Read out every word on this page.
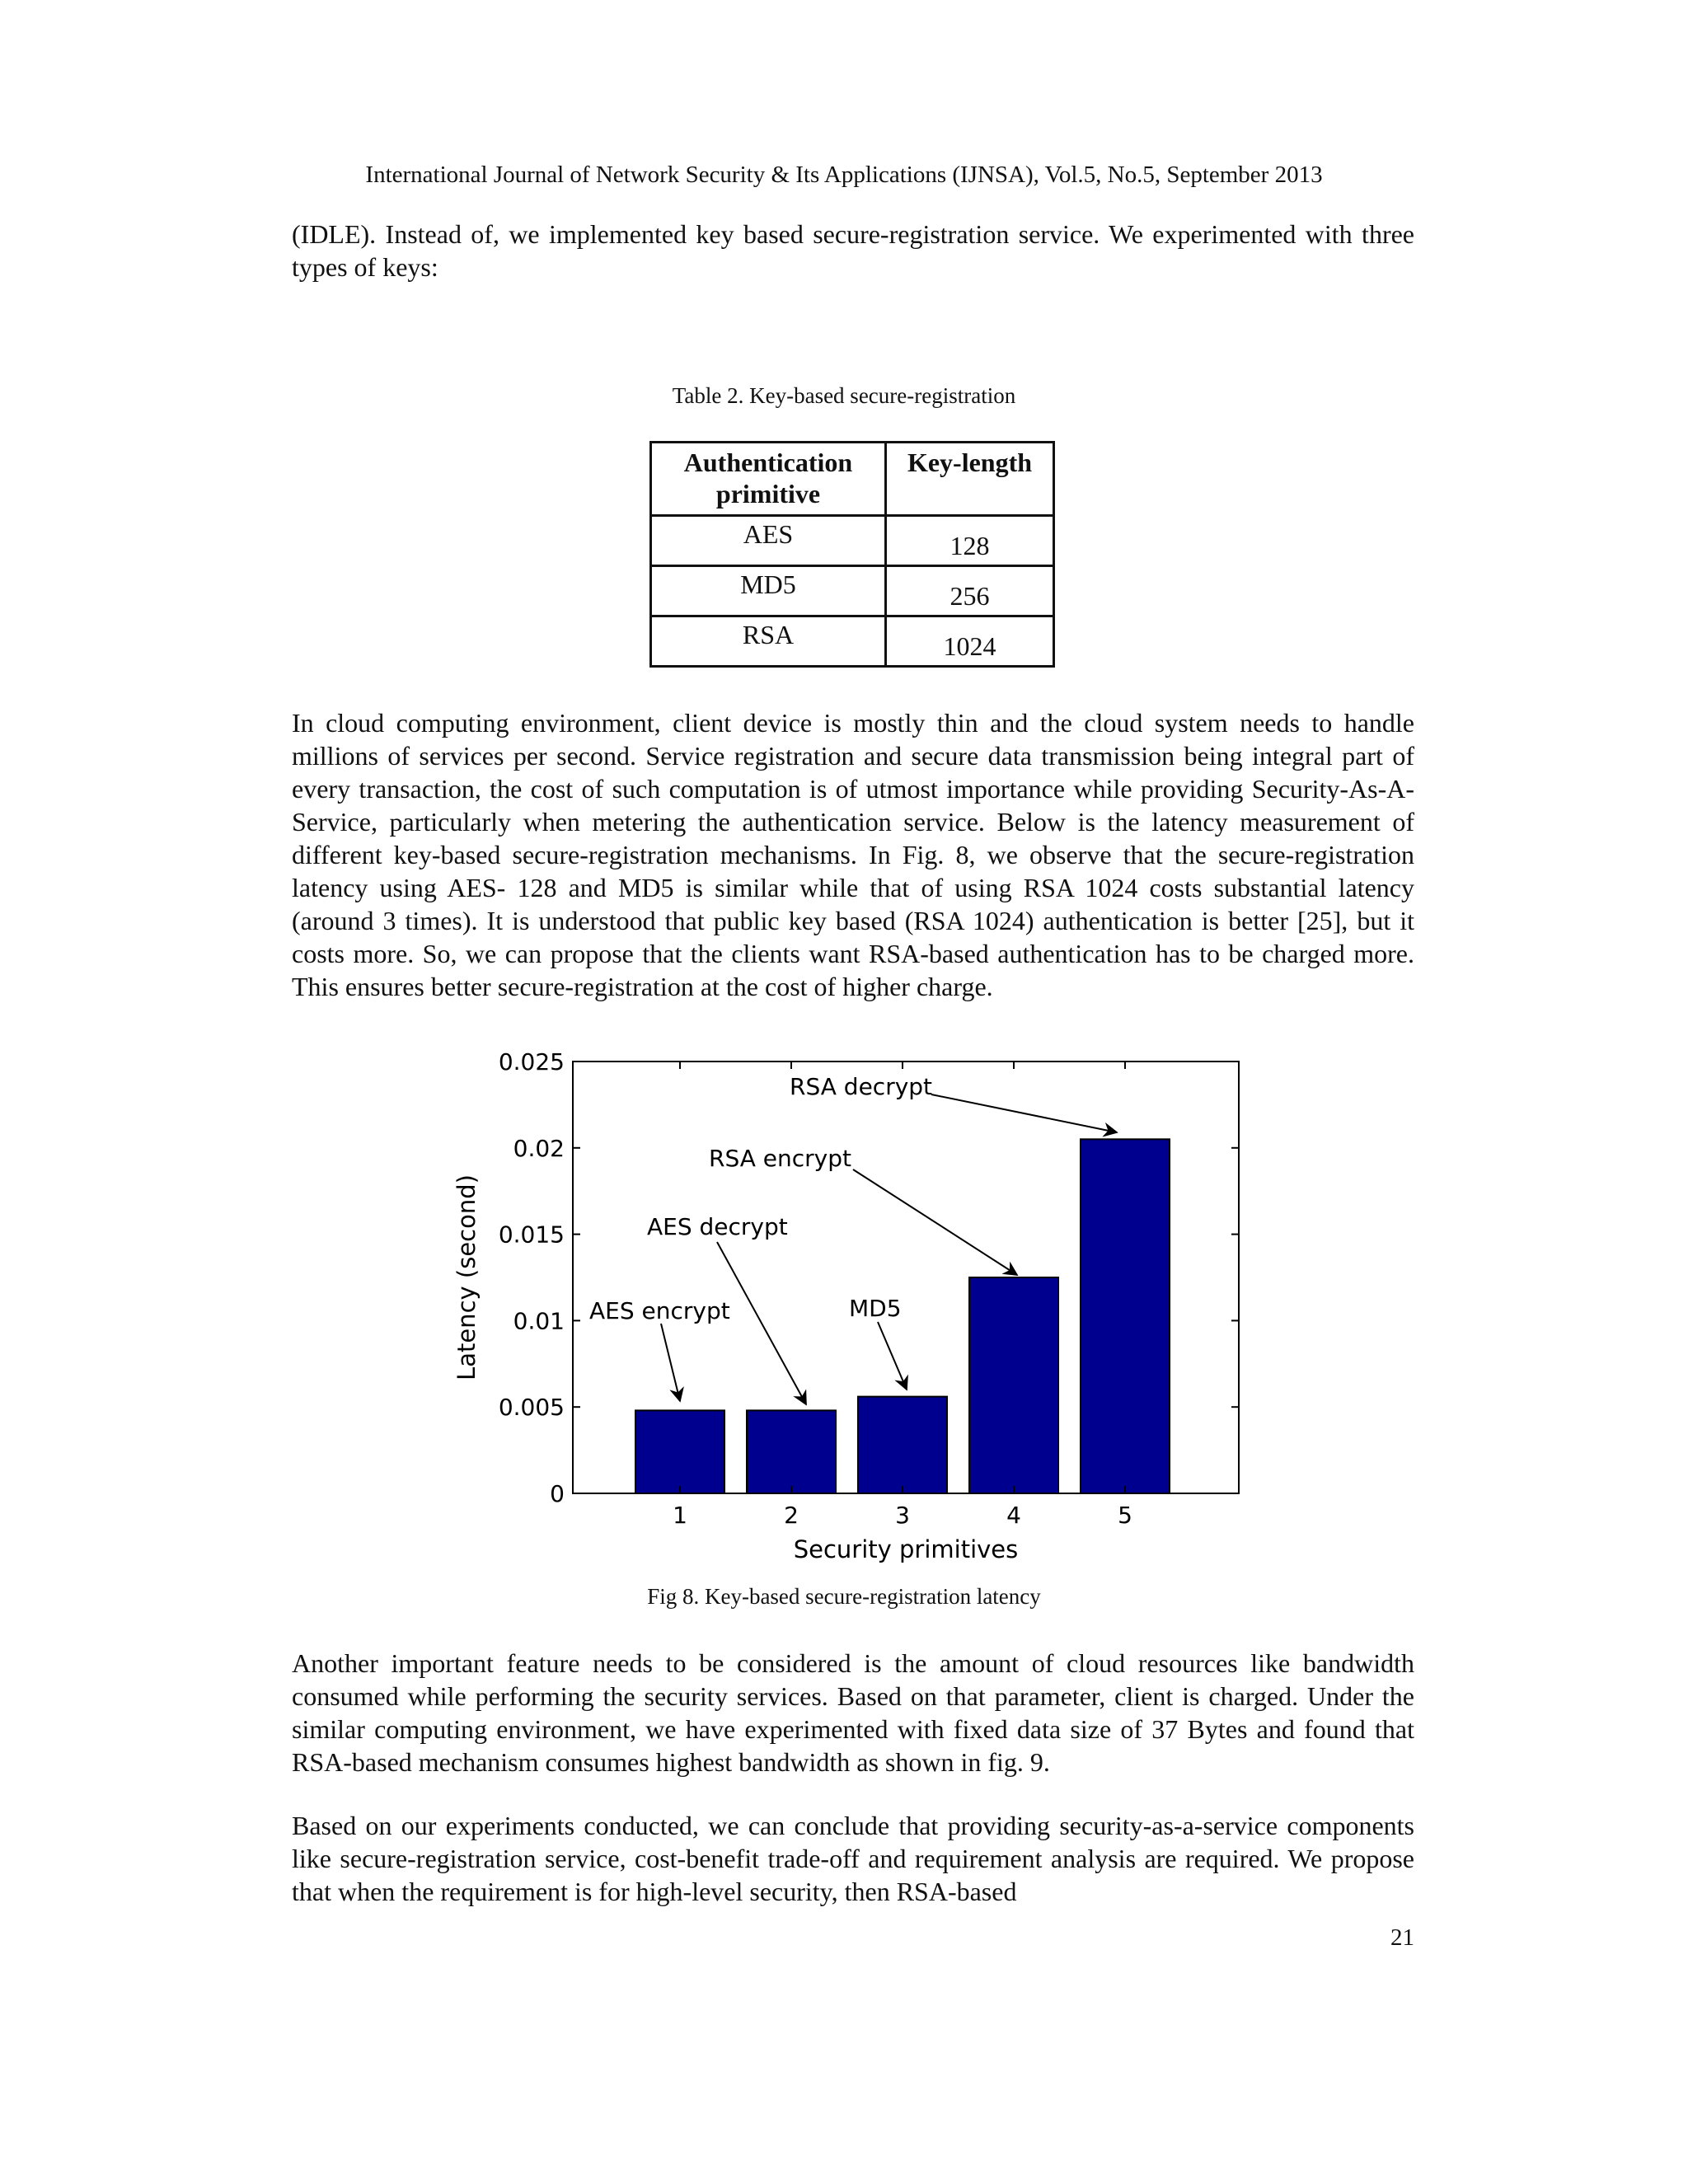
International Journal of Network Security & Its Applications (IJNSA), Vol.5, No.5, September 2013

(IDLE). Instead of, we implemented key based secure-registration service. We experimented with three types of keys:

Table 2. Key-based secure-registration
Authentication primitive	Key-length
AES	128
MD5	256
RSA	1024

In cloud computing environment, client device is mostly thin and the cloud system needs to handle millions of services per second. Service registration and secure data transmission being integral part of every transaction, the cost of such computation is of utmost importance while providing Security-As-A-Service, particularly when metering the authentication service. Below is the latency measurement of different key-based secure-registration mechanisms. In Fig. 8, we observe that the secure-registration latency using AES- 128 and MD5 is similar while that of using RSA 1024 costs substantial latency (around 3 times). It is understood that public key based (RSA 1024) authentication is better [25], but it costs more. So, we can propose that the clients want RSA-based authentication has to be charged more. This ensures better secure-registration at the cost of higher charge.

0
0.005
0.01
0.015
0.02
0.025
1	2	3	4	5
Security primitives
Latency (second)	AES encrypt
AES decrypt
MD5
RSA encrypt
RSA decrypt
Fig 8. Key-based secure-registration latency

Another important feature needs to be considered is the amount of cloud resources like bandwidth consumed while performing the security services. Based on that parameter, client is charged. Under the similar computing environment, we have experimented with fixed data size of 37 Bytes and found that RSA-based mechanism consumes highest bandwidth as shown in fig. 9.

Based on our experiments conducted, we can conclude that providing security-as-a-service components like secure-registration service, cost-benefit trade-off and requirement analysis are required. We propose that when the requirement is for high-level security, then RSA-based

21
